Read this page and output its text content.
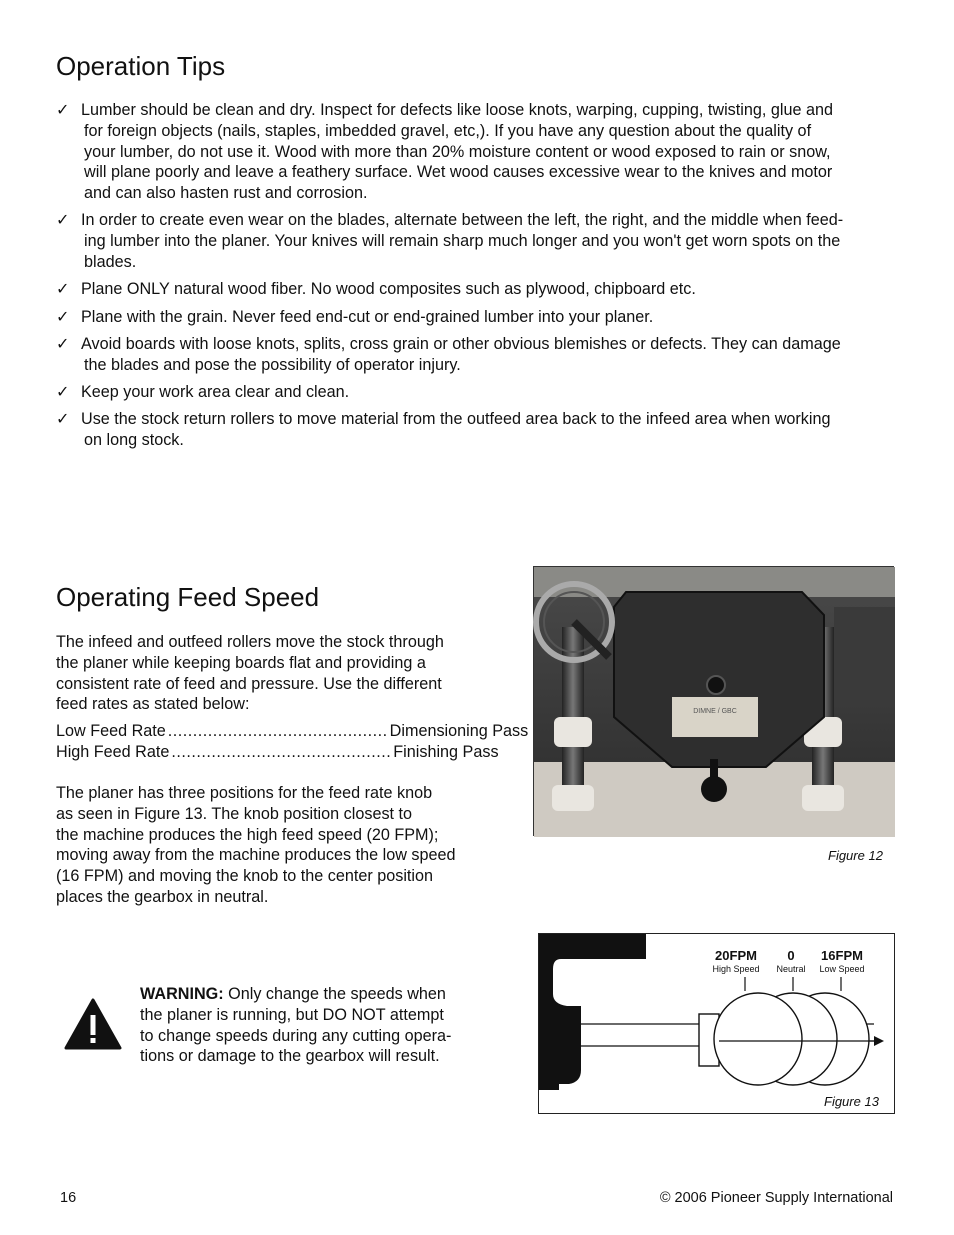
Operation Tips
✓ Lumber should be clean and dry. Inspect for defects like loose knots, warping, cupping, twisting, glue and
for foreign objects (nails, staples, imbedded gravel, etc,). If you have any question about the quality of
your lumber, do not use it. Wood with more than 20% moisture content or wood exposed to rain or snow,
will plane poorly and leave a feathery surface. Wet wood causes excessive wear to the knives and motor
and can also hasten rust and corrosion.
✓ In order to create even wear on the blades, alternate between the left, the right, and the middle when feed-
ing lumber into the planer. Your knives will remain sharp much longer and you won't get worn spots on the
blades.
✓ Plane ONLY natural wood fiber. No wood composites such as plywood, chipboard etc.
✓ Plane with the grain. Never feed end-cut or end-grained lumber into your planer.
✓ Avoid boards with loose knots, splits, cross grain or other obvious blemishes or defects. They can damage
the blades and pose the possibility of operator injury.
✓ Keep your work area clear and clean.
✓ Use the stock return rollers to move material from the outfeed area back to the infeed area when working
on long stock.
Operating Feed Speed
The infeed and outfeed rollers move the stock through
the planer while keeping boards flat and providing a
consistent rate of feed and pressure. Use the different
feed rates as stated below:
Low Feed Rate ............................................ Dimensioning Pass
High Feed Rate ............................................ Finishing Pass
The planer has three positions for the feed rate knob
as seen in Figure 13. The knob position closest to
the machine produces the high feed speed (20 FPM);
moving away from the machine produces the low speed
(16 FPM) and moving the knob to the center position
places the gearbox in neutral.
WARNING: Only change the speeds when
the planer is running, but DO NOT attempt
to change speeds during any cutting opera-
tions or damage to the gearbox will result.
DIMNE / GBC
Figure 12
20FPM
High Speed
0
Neutral
16FPM
Low Speed
Figure 13
16	© 2006 Pioneer Supply International
